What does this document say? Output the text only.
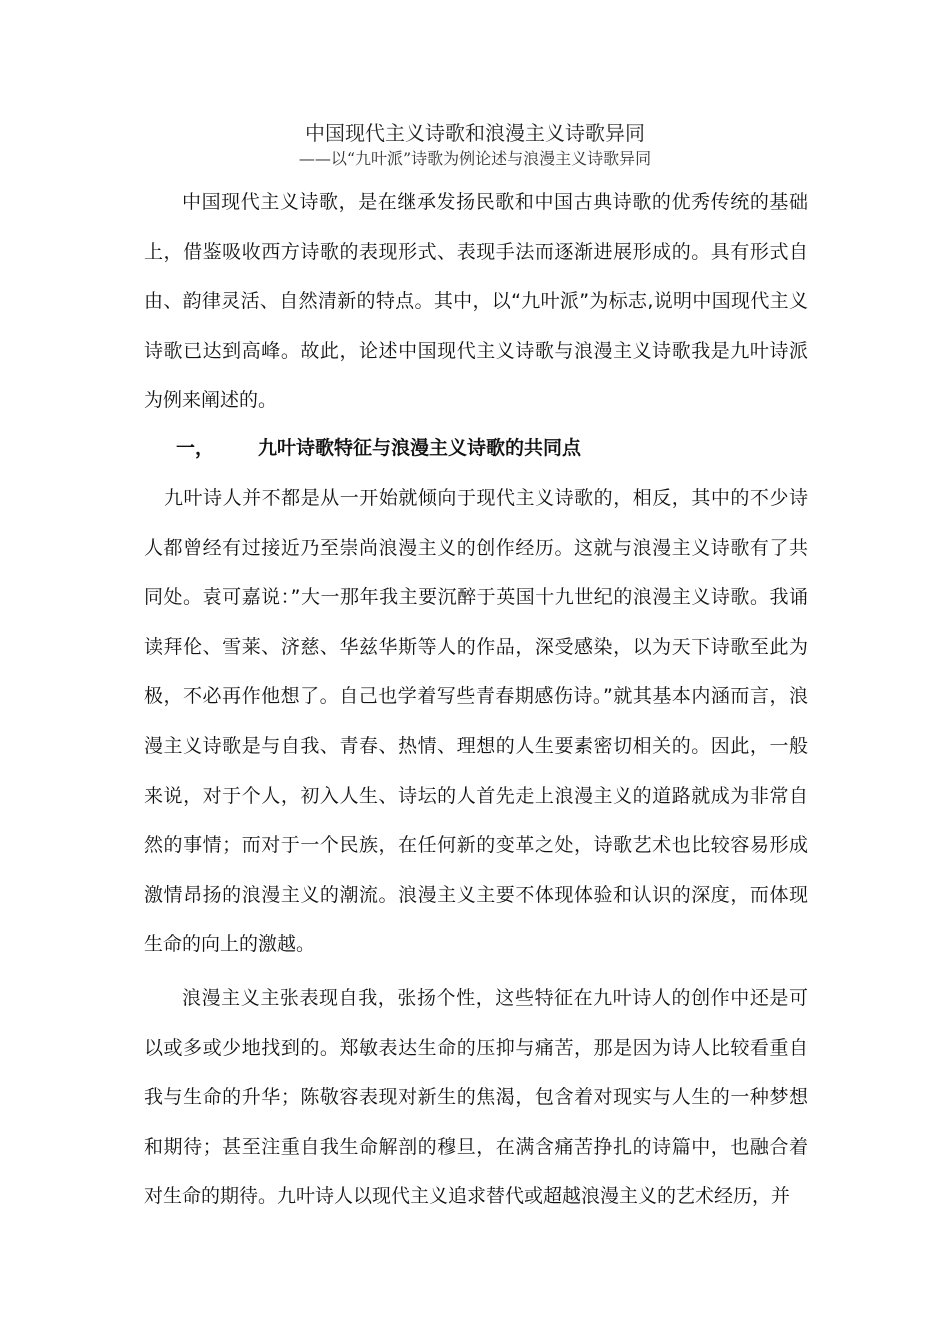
中国现代主义诗歌和浪漫主义诗歌异同
——以“九叶派”诗歌为例论述与浪漫主义诗歌异同

中国现代主义诗歌，是在继承发扬民歌和中国古典诗歌的优秀传统的基础上，借鉴吸收西方诗歌的表现形式、表现手法而逐渐进展形成的。具有形式自由、韵律灵活、自然清新的特点。其中，以“九叶派”为标志,说明中国现代主义诗歌已达到高峰。故此，论述中国现代主义诗歌与浪漫主义诗歌我是九叶诗派为例来阐述的。

一， 九叶诗歌特征与浪漫主义诗歌的共同点

九叶诗人并不都是从一开始就倾向于现代主义诗歌的，相反，其中的不少诗人都曾经有过接近乃至崇尚浪漫主义的创作经历。这就与浪漫主义诗歌有了共同处。袁可嘉说：”大一那年我主要沉醉于英国十九世纪的浪漫主义诗歌。我诵读拜伦、雪莱、济慈、华兹华斯等人的作品，深受感染，以为天下诗歌至此为极，不必再作他想了。自己也学着写些青春期感伤诗。”就其基本内涵而言，浪漫主义诗歌是与自我、青春、热情、理想的人生要素密切相关的。因此，一般来说，对于个人，初入人生、诗坛的人首先走上浪漫主义的道路就成为非常自然的事情；而对于一个民族，在任何新的变革之处，诗歌艺术也比较容易形成激情昂扬的浪漫主义的潮流。浪漫主义主要不体现体验和认识的深度，而体现生命的向上的激越。

浪漫主义主张表现自我，张扬个性，这些特征在九叶诗人的创作中还是可以或多或少地找到的。郑敏表达生命的压抑与痛苦，那是因为诗人比较看重自我与生命的升华；陈敬容表现对新生的焦渴，包含着对现实与人生的一种梦想和期待；甚至注重自我生命解剖的穆旦，在满含痛苦挣扎的诗篇中，也融合着对生命的期待。九叶诗人以现代主义追求替代或超越浪漫主义的艺术经历，并
